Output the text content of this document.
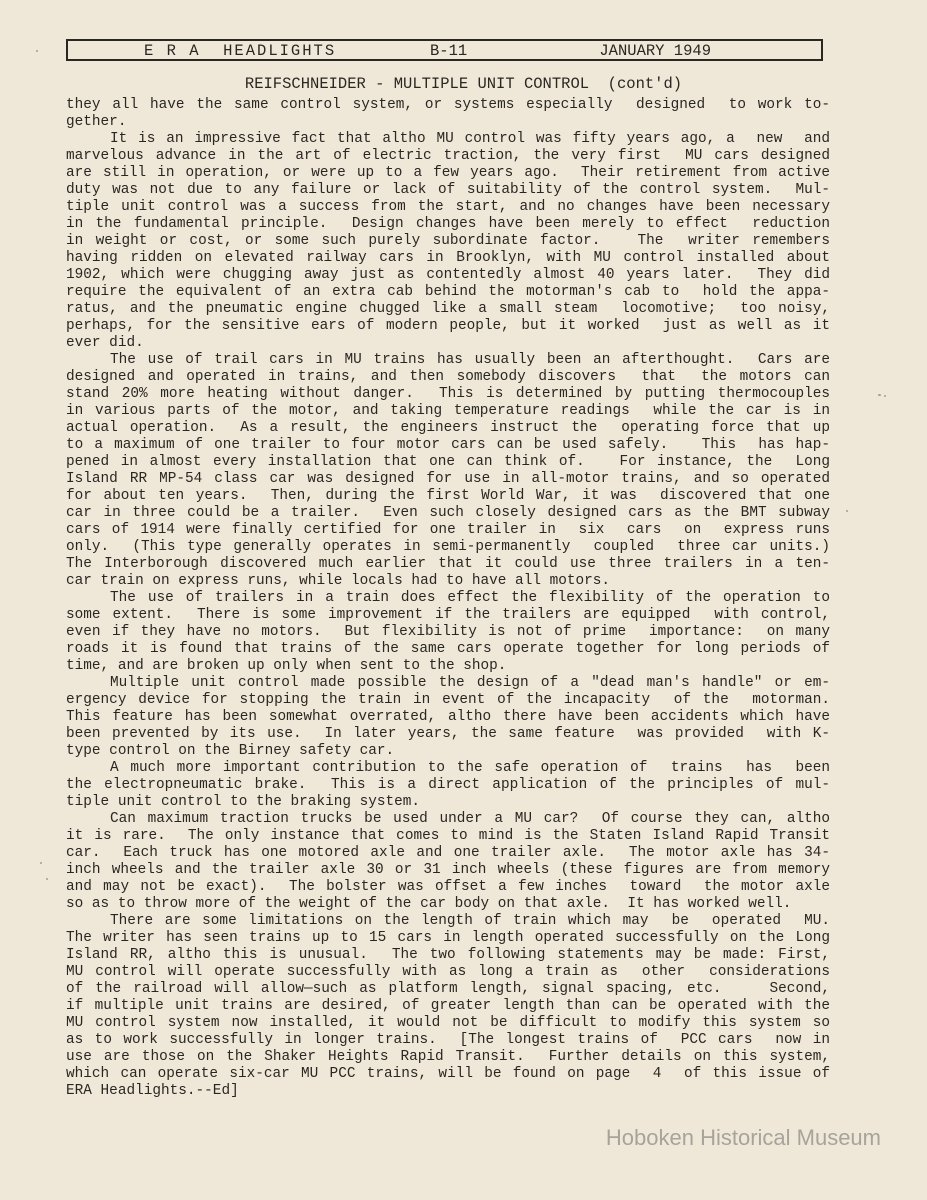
E R A  HEADLIGHTS	B-11	JANUARY 1949
REIFSCHNEIDER - MULTIPLE UNIT CONTROL  (cont'd)
they all have the same control system, or systems especially  designed  to work to-
gether.
It is an impressive fact that altho MU control was fifty years ago, a  new  and
marvelous advance in the art of electric traction, the very first  MU cars designed
are still in operation, or were up to a few years ago.  Their retirement from active
duty was not due to any failure or lack of suitability of the control system.  Mul-
tiple unit control was a success from the start, and no changes have been necessary
in the fundamental principle.  Design changes have been merely to effect  reduction
in weight or cost, or some such purely subordinate factor.   The  writer remembers
having ridden on elevated railway cars in Brooklyn, with MU control installed about
1902, which were chugging away just as contentedly almost 40 years later.  They did
require the equivalent of an extra cab behind the motorman's cab to  hold the appa-
ratus, and the pneumatic engine chugged like a small steam  locomotive;  too noisy,
perhaps, for the sensitive ears of modern people, but it worked  just as well as it
ever did.
The use of trail cars in MU trains has usually been an afterthought.  Cars are
designed and operated in trains, and then somebody discovers  that  the motors can
stand 20% more heating without danger.  This is determined by putting thermocouples
in various parts of the motor, and taking temperature readings  while the car is in
actual operation.  As a result, the engineers instruct the  operating force that up
to a maximum of one trailer to four motor cars can be used safely.   This  has hap-
pened in almost every installation that one can think of.   For instance, the  Long
Island RR MP-54 class car was designed for use in all-motor trains, and so operated
for about ten years.  Then, during the first World War, it was  discovered that one
car in three could be a trailer.  Even such closely designed cars as the BMT subway
cars of 1914 were finally certified for one trailer in  six  cars  on  express runs
only.  (This type generally operates in semi-permanently  coupled  three car units.)
The Interborough discovered much earlier that it could use three trailers in a ten-
car train on express runs, while locals had to have all motors.
The use of trailers in a train does effect the flexibility of the operation to
some extent.  There is some improvement if the trailers are equipped  with control,
even if they have no motors.  But flexibility is not of prime  importance:  on many
roads it is found that trains of the same cars operate together for long periods of
time, and are broken up only when sent to the shop.
Multiple unit control made possible the design of a "dead man's handle" or em-
ergency device for stopping the train in event of the incapacity  of the  motorman.
This feature has been somewhat overrated, altho there have been accidents which have
been prevented by its use.  In later years, the same feature  was provided  with K-
type control on the Birney safety car.
A much more important contribution to the safe operation of  trains  has  been
the electropneumatic brake.  This is a direct application of the principles of mul-
tiple unit control to the braking system.
Can maximum traction trucks be used under a MU car?  Of course they can, altho
it is rare.  The only instance that comes to mind is the Staten Island Rapid Transit
car.  Each truck has one motored axle and one trailer axle.  The motor axle has 34-
inch wheels and the trailer axle 30 or 31 inch wheels (these figures are from memory
and may not be exact).  The bolster was offset a few inches  toward  the motor axle
so as to throw more of the weight of the car body on that axle.  It has worked well.
There are some limitations on the length of train which may  be  operated  MU.
The writer has seen trains up to 15 cars in length operated successfully on the Long
Island RR, altho this is unusual.  The two following statements may be made: First,
MU control will operate successfully with as long a train as  other  considerations
of the railroad will allow—such as platform length, signal spacing, etc.    Second,
if multiple unit trains are desired, of greater length than can be operated with the
MU control system now installed, it would not be difficult to modify this system so
as to work successfully in longer trains.  [The longest trains of  PCC cars  now in
use are those on the Shaker Heights Rapid Transit.  Further details on this system,
which can operate six-car MU PCC trains, will be found on page  4  of this issue of
ERA Headlights.--Ed]
Hoboken Historical Museum
